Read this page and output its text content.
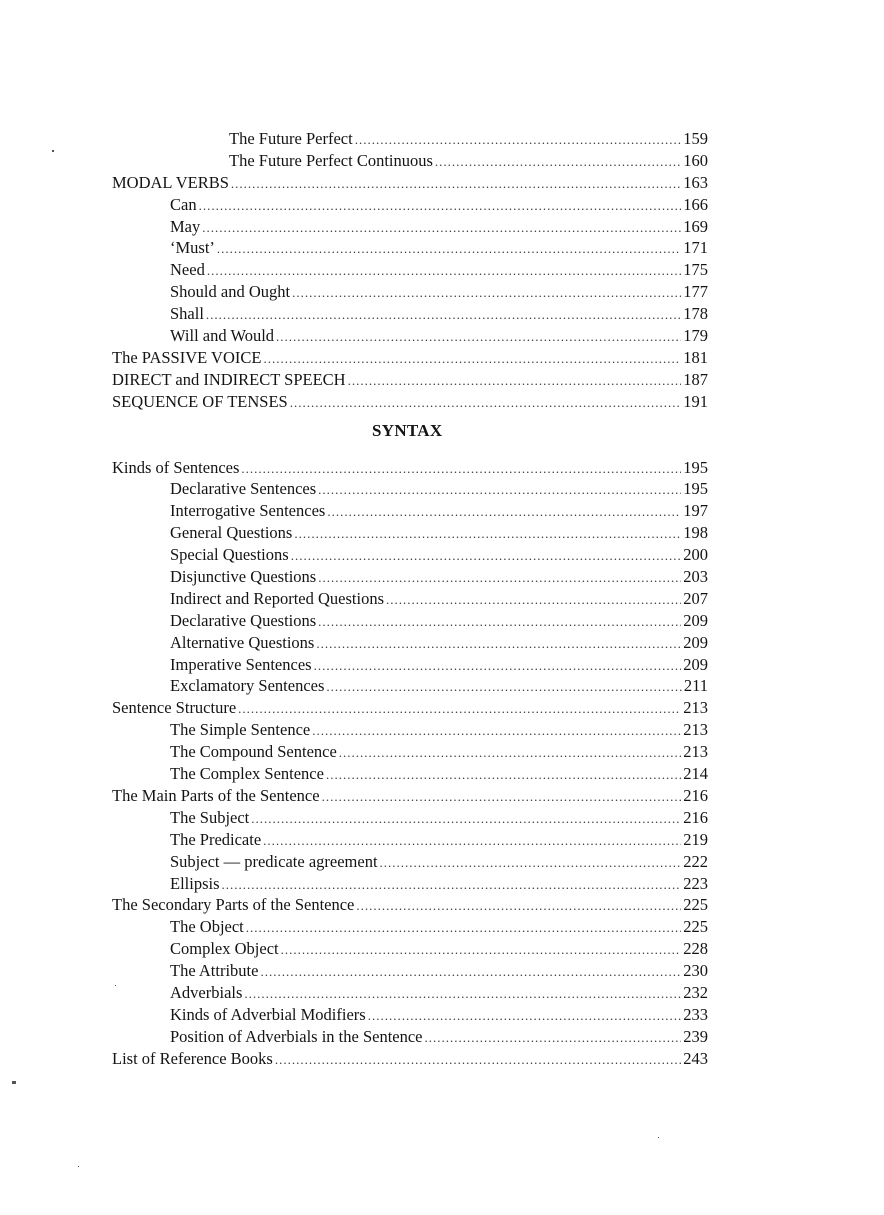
The Future Perfect .....	159
The Future Perfect Continuous .....	160
MODAL VERBS .....	163
Can .....	166
May .....	169
‘Must’ .....	171
Need .....	175
Should and Ought .....	177
Shall .....	178
Will and Would .....	179
The PASSIVE VOICE .....	181
DIRECT and INDIRECT SPEECH .....	187
SEQUENCE OF TENSES .....	191
SYNTAX
Kinds of Sentences .....	195
Declarative Sentences .....	195
Interrogative Sentences .....	197
General Questions .....	198
Special Questions .....	200
Disjunctive Questions .....	203
Indirect and Reported Questions .....	207
Declarative Questions .....	209
Alternative Questions .....	209
Imperative Sentences .....	209
Exclamatory Sentences .....	211
Sentence Structure .....	213
The Simple Sentence .....	213
The Compound Sentence .....	213
The Complex Sentence .....	214
The Main Parts of the Sentence .....	216
The Subject .....	216
The Predicate .....	219
Subject — predicate agreement .....	222
Ellipsis .....	223
The Secondary Parts of the Sentence .....	225
The Object .....	225
Complex Object .....	228
The Attribute .....	230
Adverbials .....	232
Kinds of Adverbial Modifiers .....	233
Position of Adverbials in the Sentence .....	239
List of Reference Books .....	243
